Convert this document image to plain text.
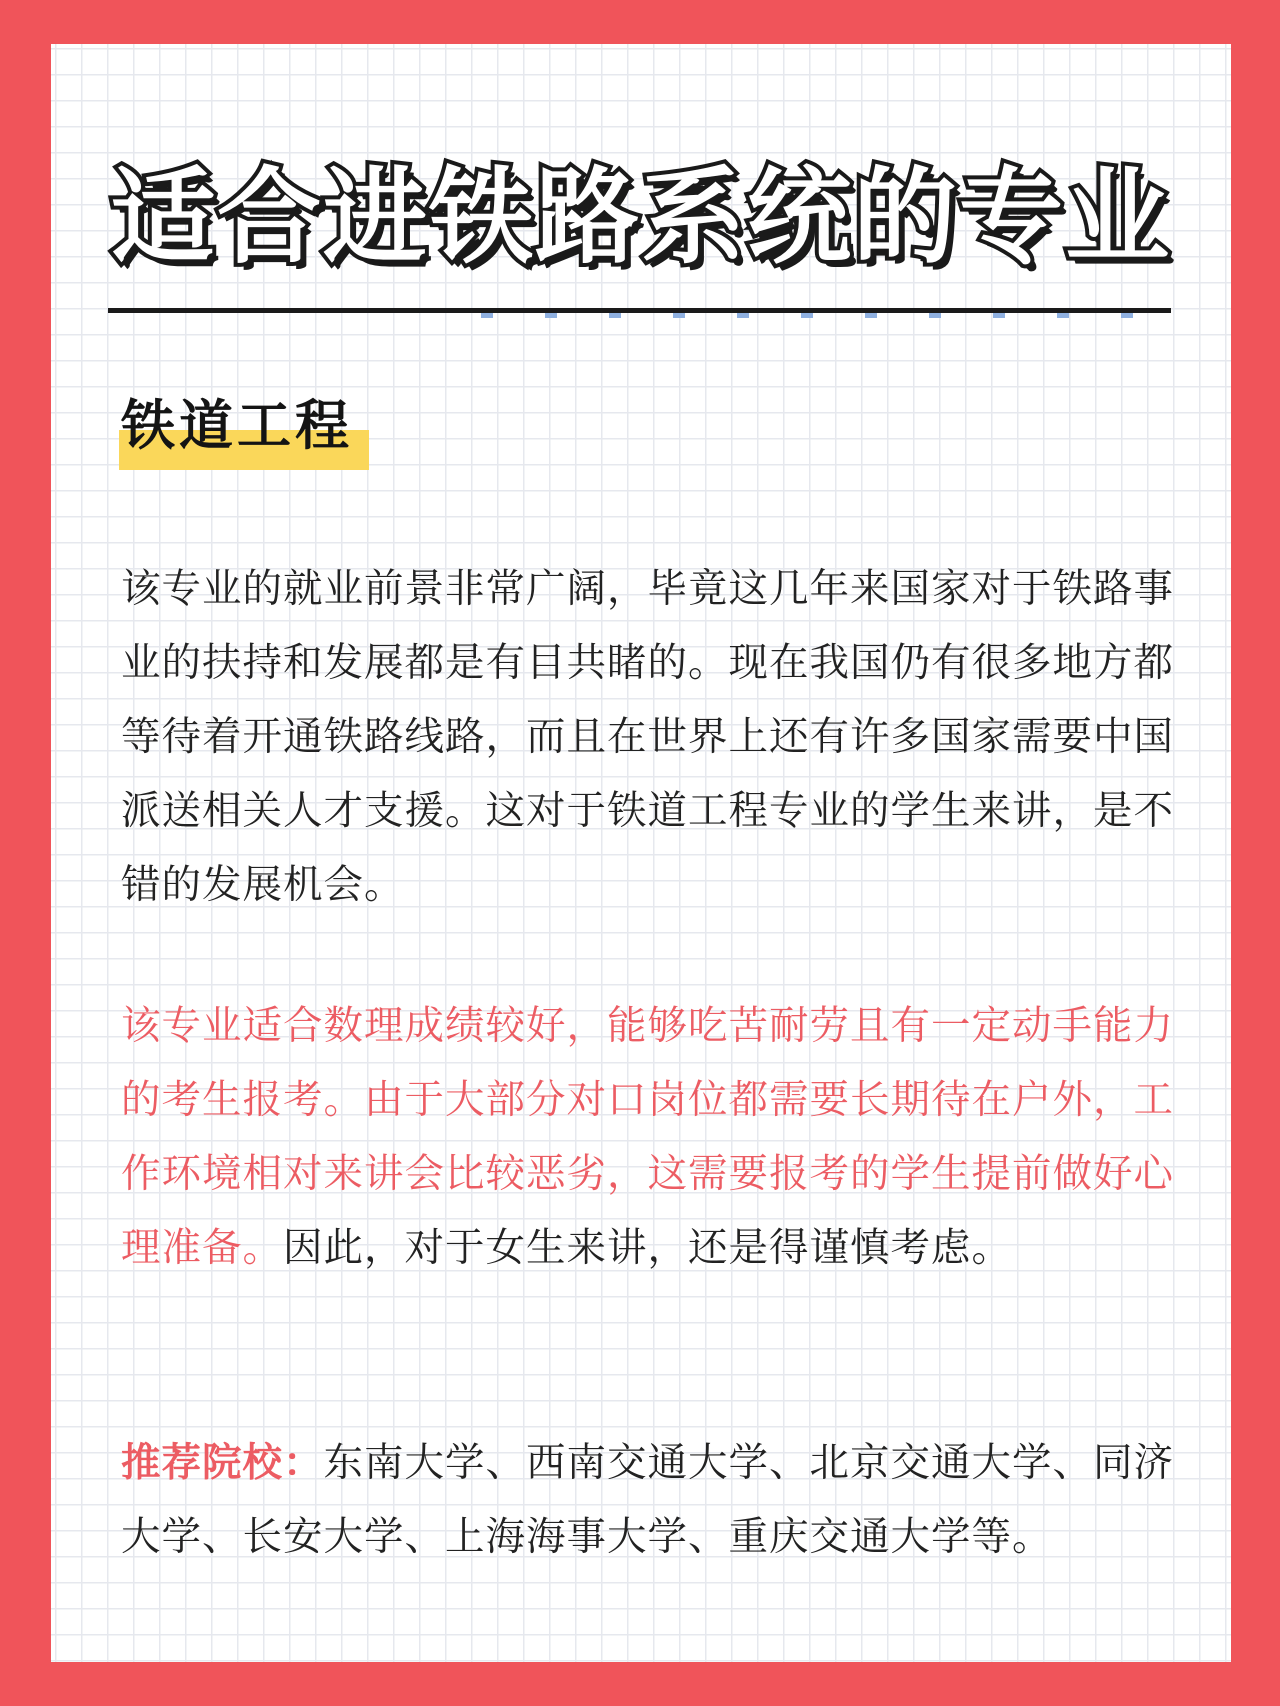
适合进铁路系统的专业
铁道工程

该专业的就业前景非常广阔，毕竟这几年来国家对于铁路事业的扶持和发展都是有目共睹的。现在我国仍有很多地方都等待着开通铁路线路，而且在世界上还有许多国家需要中国派送相关人才支援。这对于铁道工程专业的学生来讲，是不错的发展机会。

该专业适合数理成绩较好，能够吃苦耐劳且有一定动手能力的考生报考。由于大部分对口岗位都需要长期待在户外，工作环境相对来讲会比较恶劣，这需要报考的学生提前做好心理准备。因此，对于女生来讲，还是得谨慎考虑。

推荐院校：东南大学、西南交通大学、北京交通大学、同济大学、长安大学、上海海事大学、重庆交通大学等。
